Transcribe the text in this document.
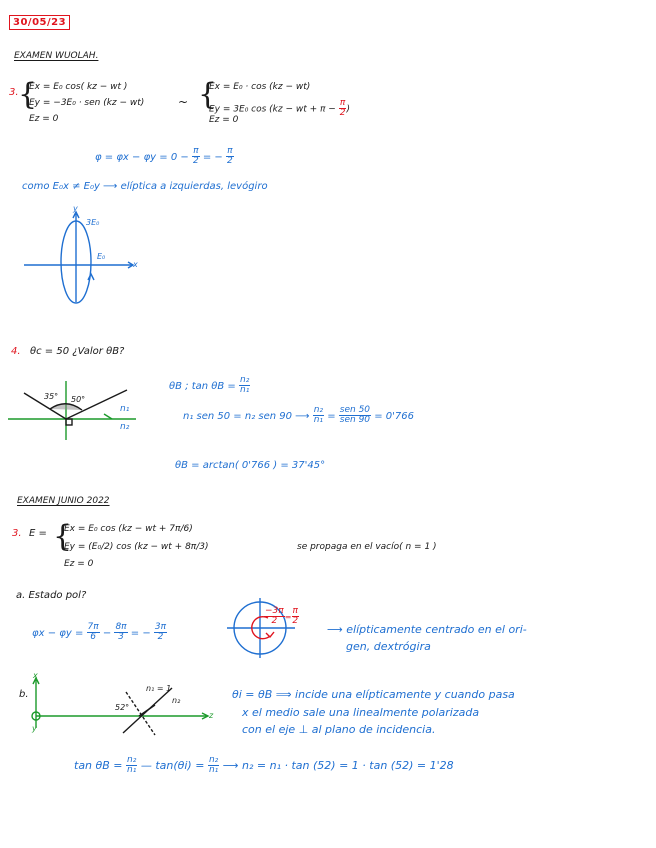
30/05/23
EXAMEN WUOLAH.
3. {
Ex = E₀ cos( kz − wt )
Ey = −3E₀ · sen (kz − wt)
Ez = 0
~ {
Ex = E₀ · cos (kz − wt)
Ey = 3E₀ cos (kz − wt + $\pi - \frac{\pi}{2}$ )
Ez = 0
$\varphi = \varphi x - \varphi y = 0 - \frac{\pi}{2}$ = − $\frac{\pi}{2}$
como E₀x ≠ E₀y ⟶ elíptica a izquierdas, levógiro
y
3E₀
E₀
x
4. θc = 50 ¿Valor θB?
35° 50°
n₁
n₂
θB ; $\tan \theta B = \frac{\text{n₂}}{\text{n₁}}$
n₁ sen 50 = n₂ sen 90 ⟶ $\frac{\text{n₂}}{\text{n₁}} = \frac{\text{sen 50}}{\text{sen 90}} = 0'766$
θB = arctan( 0'766 ) = 37'45°
EXAMEN JUNIO 2022
3. E = {
Ex = E₀ cos (kz − wt + 7π/6)
Ey = (E₀/2) cos (kz − wt + 8π/3)
Ez = 0
se propaga en el vacío( n = 1 )
a. Estado pol?
$\varphi x - \varphi y = \frac{7\pi}{6} - \frac{8\pi}{3}$ = − $\frac{3\pi}{2}$
$\frac{-3\pi}{2} = \frac{\pi}{2}$
⟶ elípticamente centrado en el ori-
gen, dextrógira
b.
x
y
z
n₁ = 1
n₂
52°
θi = θB ⟹ incide una elípticamente y cuando pasa
x el medio sale una linealmente polarizada
con el eje ⊥ al plano de incidencia.
$\tan \theta B = \frac{\text{n₂}}{\text{n₁}}$ — $\tan(\theta i) = \frac{\text{n₂}}{\text{n₁}}$ ⟶ n₂ = n₁ · tan (52) = 1 · tan (52) = 1'28
